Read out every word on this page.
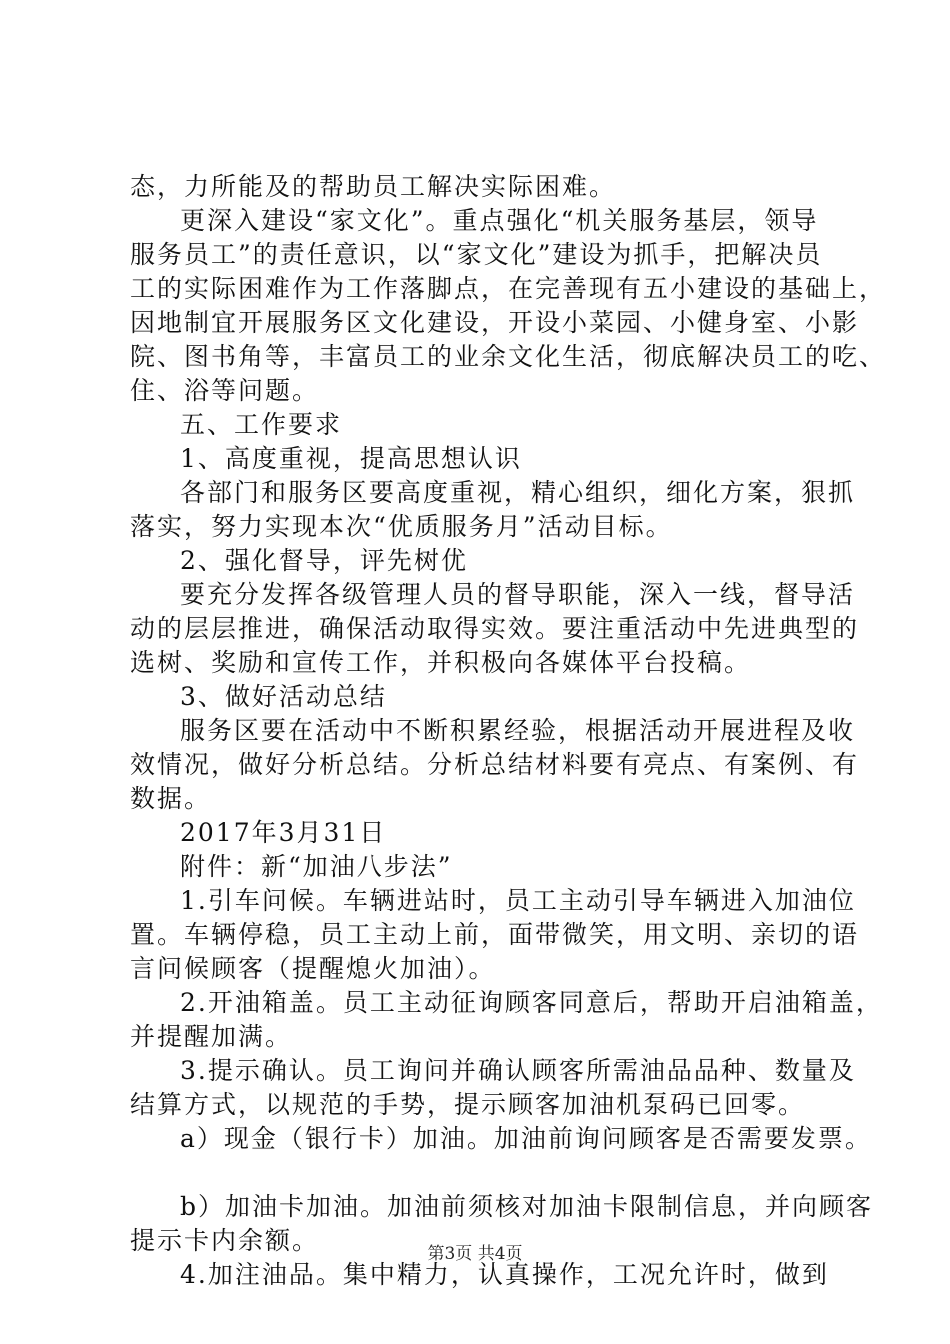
态，力所能及的帮助员工解决实际困难。
更深入建设“家文化”。重点强化“机关服务基层，领导
服务员工”的责任意识，以“家文化”建设为抓手，把解决员
工的实际困难作为工作落脚点，在完善现有五小建设的基础上，
因地制宜开展服务区文化建设，开设小菜园、小健身室、小影
院、图书角等，丰富员工的业余文化生活，彻底解决员工的吃、
住、浴等问题。
五、工作要求
1、高度重视，提高思想认识
各部门和服务区要高度重视，精心组织，细化方案，狠抓
落实，努力实现本次“优质服务月”活动目标。
2、强化督导，评先树优
要充分发挥各级管理人员的督导职能，深入一线，督导活
动的层层推进，确保活动取得实效。要注重活动中先进典型的
选树、奖励和宣传工作，并积极向各媒体平台投稿。
3、做好活动总结
服务区要在活动中不断积累经验，根据活动开展进程及收
效情况，做好分析总结。分析总结材料要有亮点、有案例、有
数据。
2017年3月31日
附件：新“加油八步法”
1.引车问候。车辆进站时，员工主动引导车辆进入加油位
置。车辆停稳，员工主动上前，面带微笑，用文明、亲切的语
言问候顾客（提醒熄火加油）。
2.开油箱盖。员工主动征询顾客同意后，帮助开启油箱盖，
并提醒加满。
3.提示确认。员工询问并确认顾客所需油品品种、数量及
结算方式，以规范的手势，提示顾客加油机泵码已回零。
a）现金（银行卡）加油。加油前询问顾客是否需要发票。
b）加油卡加油。加油前须核对加油卡限制信息，并向顾客
提示卡内余额。
4.加注油品。集中精力，认真操作，工况允许时，做到
第3页 共4页
